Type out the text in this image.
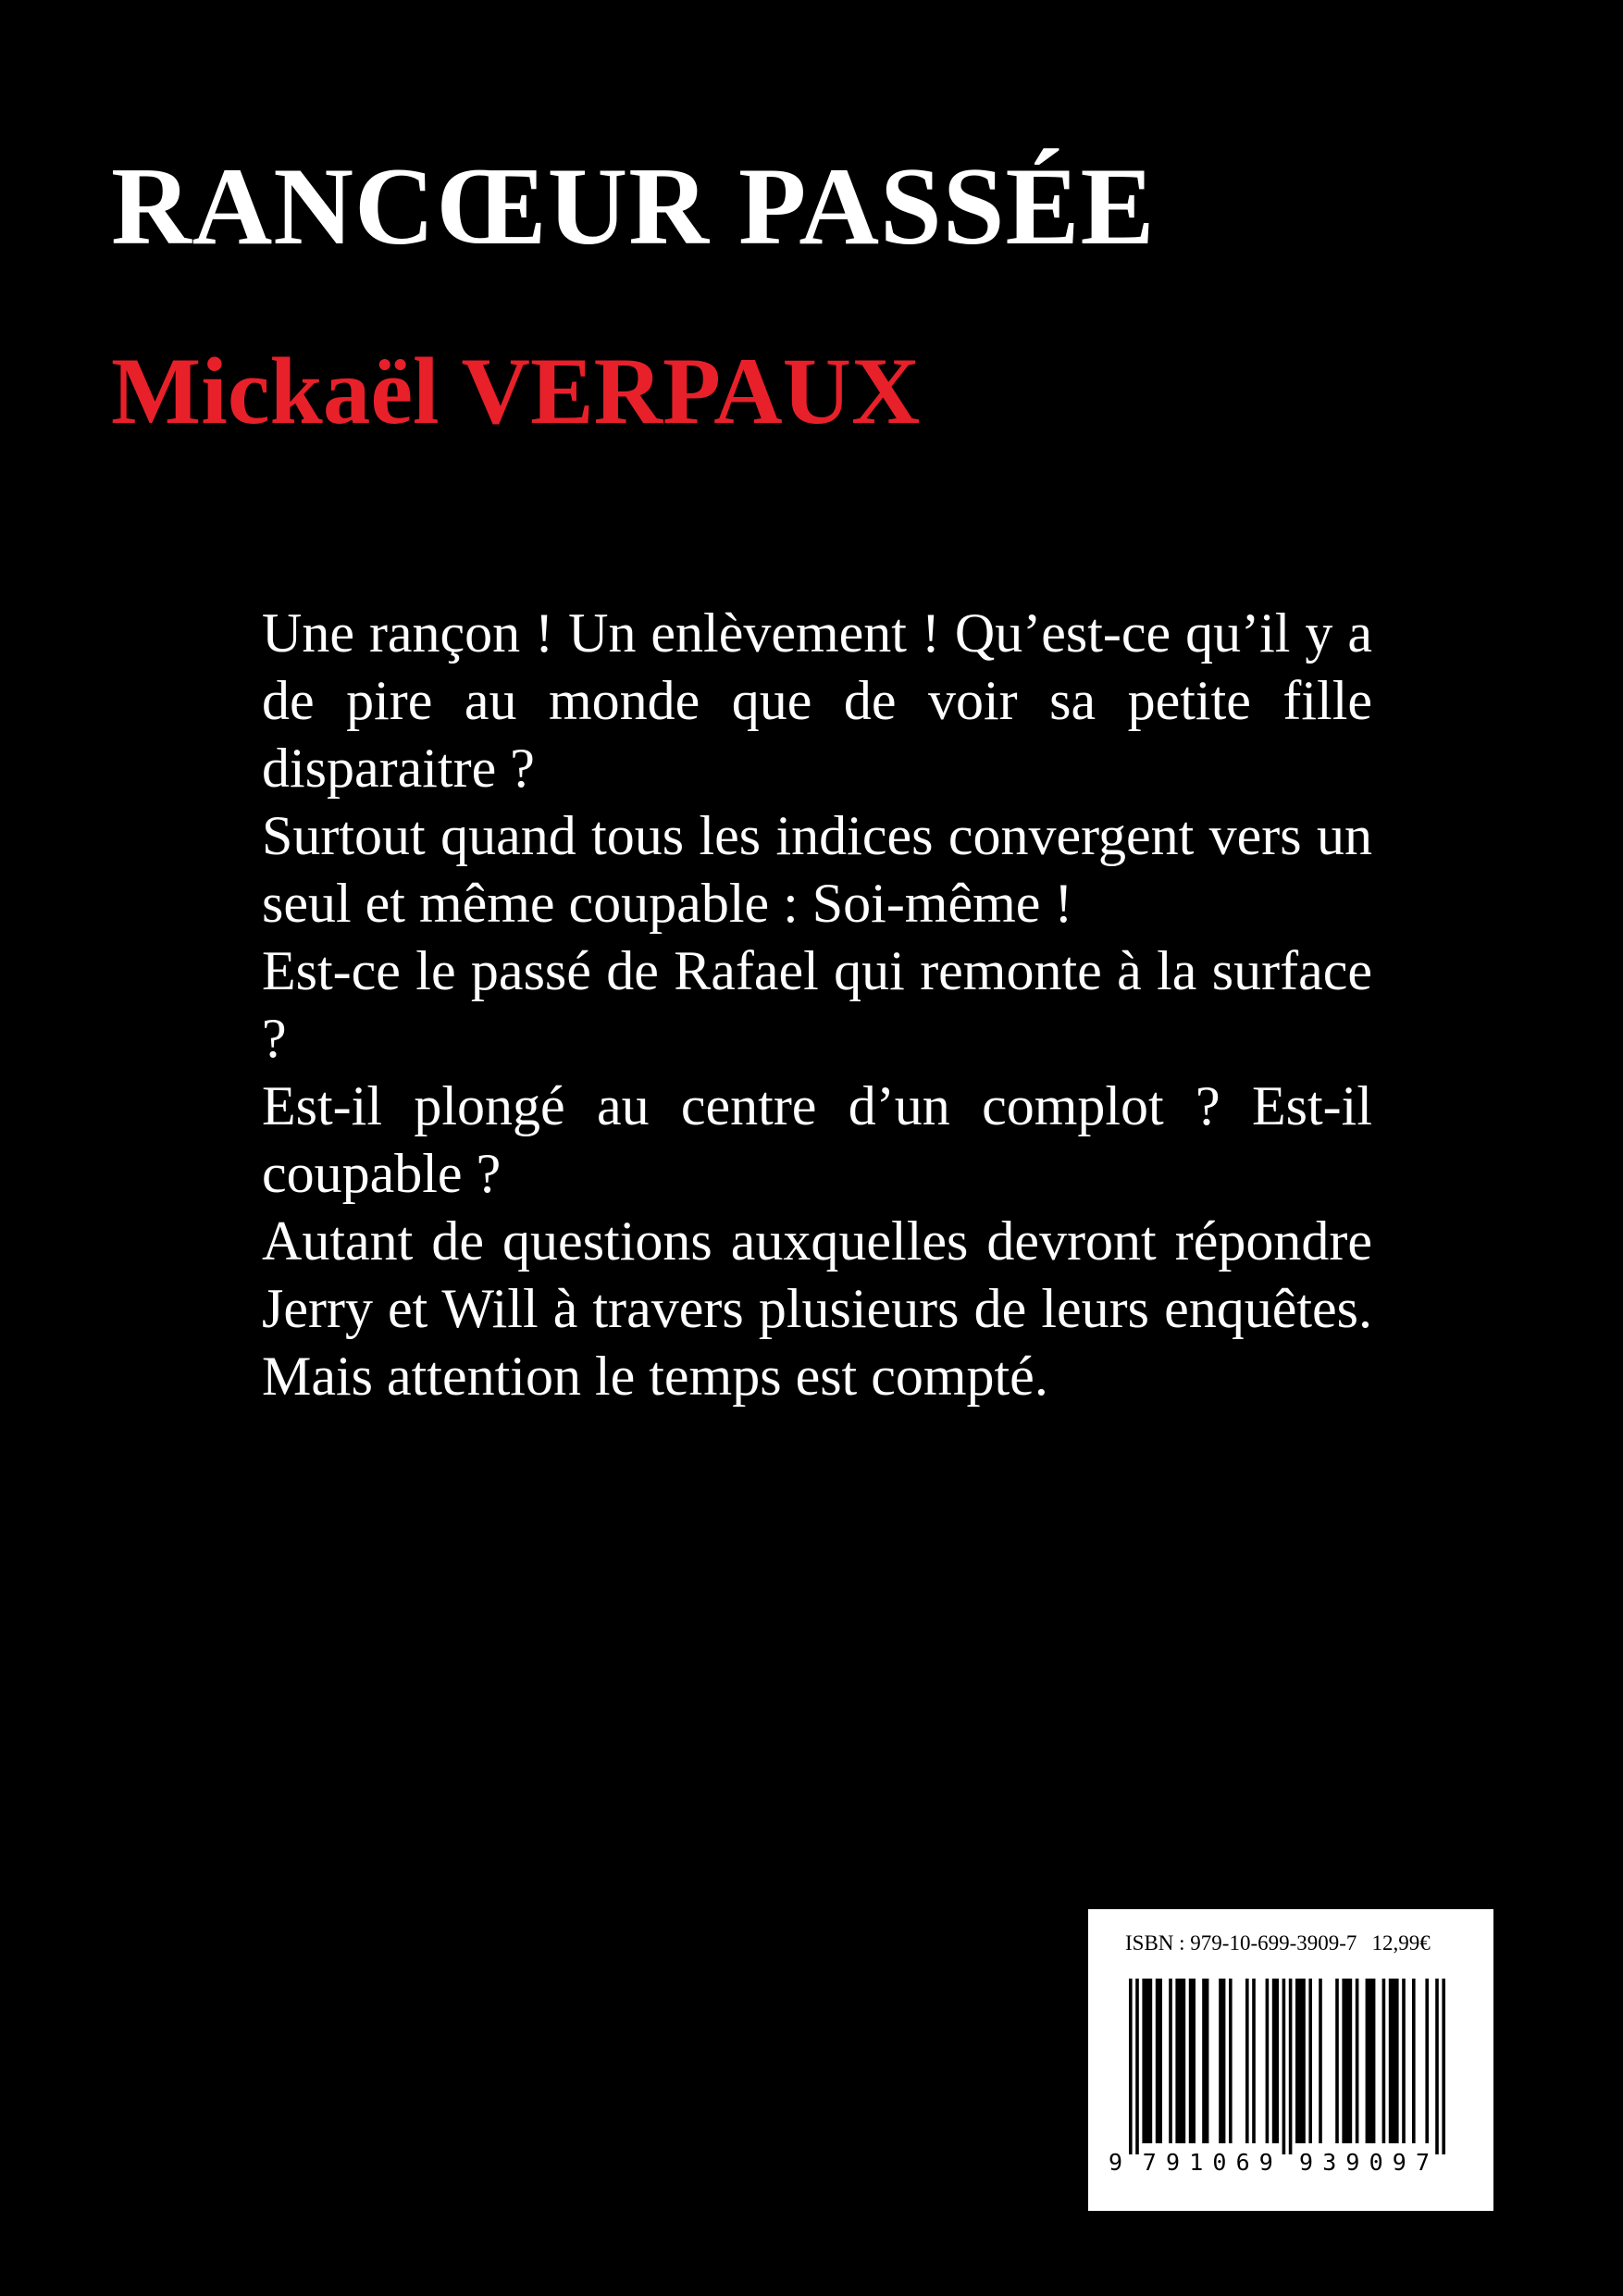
RANCŒUR PASSÉE
Mickaël VERPAUX

Une rançon ! Un enlèvement ! Qu’est-ce qu’il y a de pire au monde que de voir sa petite fille disparaitre ?

Surtout quand tous les indices convergent vers un seul et même coupable : Soi-même !

Est-ce le passé de Rafael qui remonte à la surface ?

Est-il plongé au centre d’un complot ? Est-il coupable ?

Autant de questions auxquelles devront répondre Jerry et Will à travers plusieurs de leurs enquêtes. Mais attention le temps est compté.

ISBN : 979-10-699-3909-7 12,99€
9 7 9 1 0 6 9 9 3 9 0 9 7
